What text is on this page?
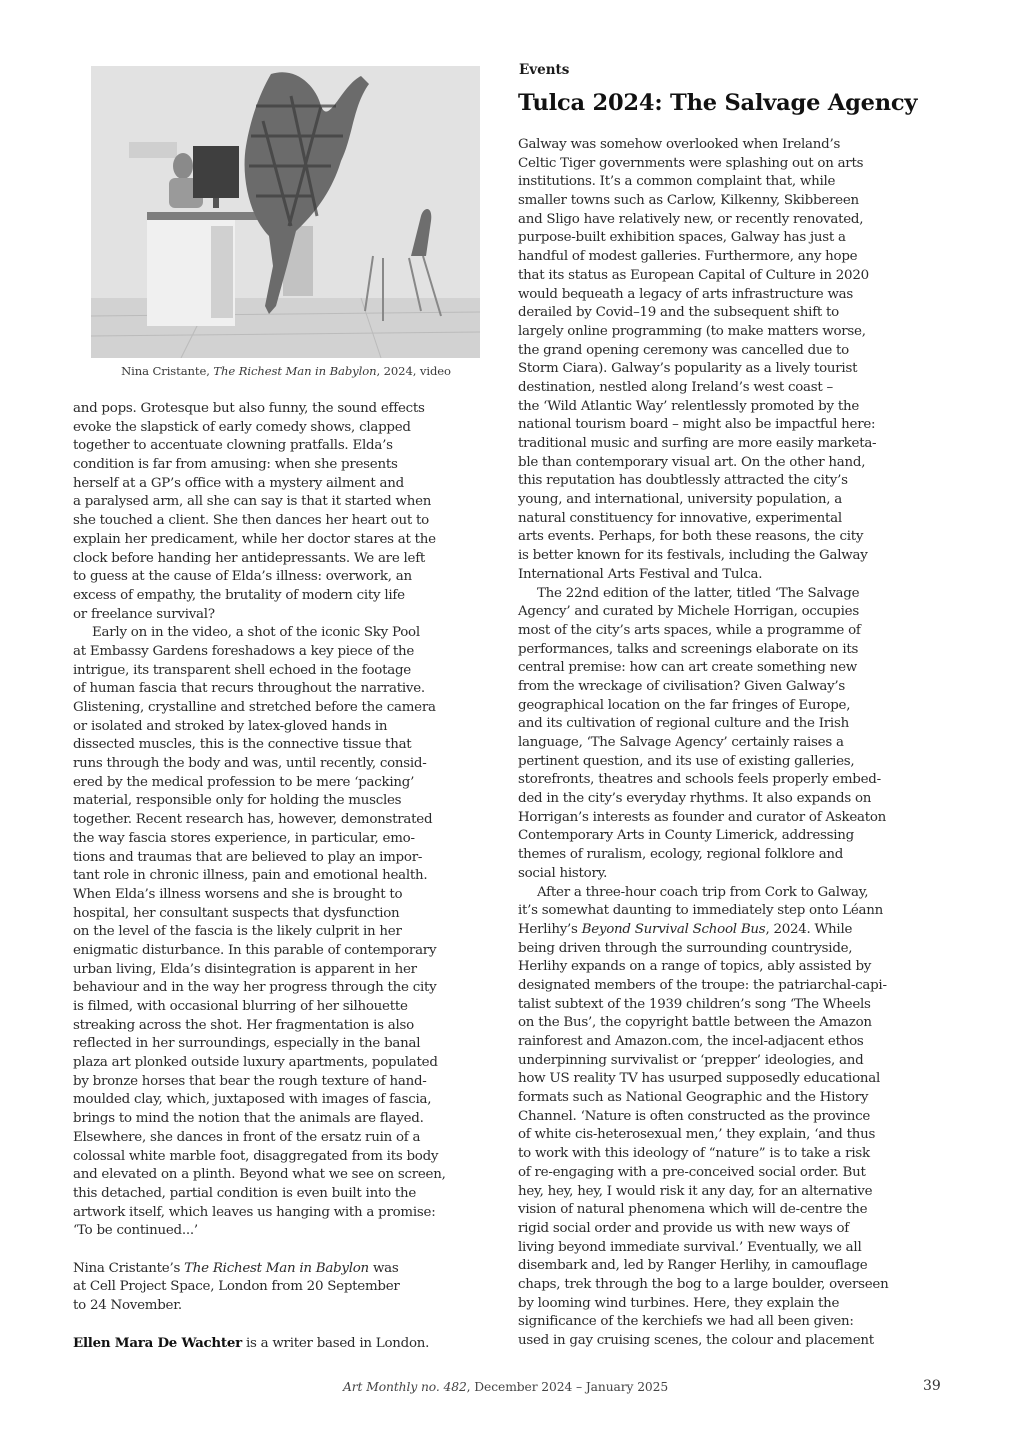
Nina Cristante, The Richest Man in Babylon, 2024, video
and pops. Grotesque but also funny, the sound effects
evoke the slapstick of early comedy shows, clapped
together to accentuate clowning pratfalls. Elda’s
condition is far from amusing: when she presents
herself at a GP’s office with a mystery ailment and
a paralysed arm, all she can say is that it started when
she touched a client. She then dances her heart out to
explain her predicament, while her doctor stares at the
clock before handing her antidepressants. We are left
to guess at the cause of Elda’s illness: overwork, an
excess of empathy, the brutality of modern city life
or freelance survival?
Early on in the video, a shot of the iconic Sky Pool
at Embassy Gardens foreshadows a key piece of the
intrigue, its transparent shell echoed in the footage
of human fascia that recurs throughout the narrative.
Glistening, crystalline and stretched before the camera
or isolated and stroked by latex-gloved hands in
dissected muscles, this is the connective tissue that
runs through the body and was, until recently, consid-
ered by the medical profession to be mere ‘packing’
material, responsible only for holding the muscles
together. Recent research has, however, demonstrated
the way fascia stores experience, in particular, emo-
tions and traumas that are believed to play an impor-
tant role in chronic illness, pain and emotional health.
When Elda’s illness worsens and she is brought to
hospital, her consultant suspects that dysfunction
on the level of the fascia is the likely culprit in her
enigmatic disturbance. In this parable of contemporary
urban living, Elda’s disintegration is apparent in her
behaviour and in the way her progress through the city
is filmed, with occasional blurring of her silhouette
streaking across the shot. Her fragmentation is also
reflected in her surroundings, especially in the banal
plaza art plonked outside luxury apartments, populated
by bronze horses that bear the rough texture of hand-
moulded clay, which, juxtaposed with images of fascia,
brings to mind the notion that the animals are flayed.
Elsewhere, she dances in front of the ersatz ruin of a
colossal white marble foot, disaggregated from its body
and elevated on a plinth. Beyond what we see on screen,
this detached, partial condition is even built into the
artwork itself, which leaves us hanging with a promise:
‘To be continued...’
Nina Cristante’s The Richest Man in Babylon was
at Cell Project Space, London from 20 September
to 24 November.
Ellen Mara De Wachter is a writer based in London.
Events
Tulca 2024: The Salvage Agency
Galway was somehow overlooked when Ireland’s
Celtic Tiger governments were splashing out on arts
institutions. It’s a common complaint that, while
smaller towns such as Carlow, Kilkenny, Skibbereen
and Sligo have relatively new, or recently renovated,
purpose-built exhibition spaces, Galway has just a
handful of modest galleries. Furthermore, any hope
that its status as European Capital of Culture in 2020
would bequeath a legacy of arts infrastructure was
derailed by Covid–19 and the subsequent shift to
largely online programming (to make matters worse,
the grand opening ceremony was cancelled due to
Storm Ciara). Galway’s popularity as a lively tourist
destination, nestled along Ireland’s west coast –
the ‘Wild Atlantic Way’ relentlessly promoted by the
national tourism board – might also be impactful here:
traditional music and surfing are more easily marketa-
ble than contemporary visual art. On the other hand,
this reputation has doubtlessly attracted the city’s
young, and international, university population, a
natural constituency for innovative, experimental
arts events. Perhaps, for both these reasons, the city
is better known for its festivals, including the Galway
International Arts Festival and Tulca.
The 22nd edition of the latter, titled ‘The Salvage
Agency’ and curated by Michele Horrigan, occupies
most of the city’s arts spaces, while a programme of
performances, talks and screenings elaborate on its
central premise: how can art create something new
from the wreckage of civilisation? Given Galway’s
geographical location on the far fringes of Europe,
and its cultivation of regional culture and the Irish
language, ‘The Salvage Agency’ certainly raises a
pertinent question, and its use of existing galleries,
storefronts, theatres and schools feels properly embed-
ded in the city’s everyday rhythms. It also expands on
Horrigan’s interests as founder and curator of Askeaton
Contemporary Arts in County Limerick, addressing
themes of ruralism, ecology, regional folklore and
social history.
After a three-hour coach trip from Cork to Galway,
it’s somewhat daunting to immediately step onto Léann
Herlihy’s Beyond Survival School Bus, 2024. While
being driven through the surrounding countryside,
Herlihy expands on a range of topics, ably assisted by
designated members of the troupe: the patriarchal-capi-
talist subtext of the 1939 children’s song ‘The Wheels
on the Bus’, the copyright battle between the Amazon
rainforest and Amazon.com, the incel-adjacent ethos
underpinning survivalist or ‘prepper’ ideologies, and
how US reality TV has usurped supposedly educational
formats such as National Geographic and the History
Channel. ‘Nature is often constructed as the province
of white cis-heterosexual men,’ they explain, ‘and thus
to work with this ideology of “nature” is to take a risk
of re-engaging with a pre-conceived social order. But
hey, hey, hey, I would risk it any day, for an alternative
vision of natural phenomena which will de-centre the
rigid social order and provide us with new ways of
living beyond immediate survival.’ Eventually, we all
disembark and, led by Ranger Herlihy, in camouflage
chaps, trek through the bog to a large boulder, overseen
by looming wind turbines. Here, they explain the
significance of the kerchiefs we had all been given:
used in gay cruising scenes, the colour and placement
Art Monthly no. 482, December 2024 – January 2025	39
